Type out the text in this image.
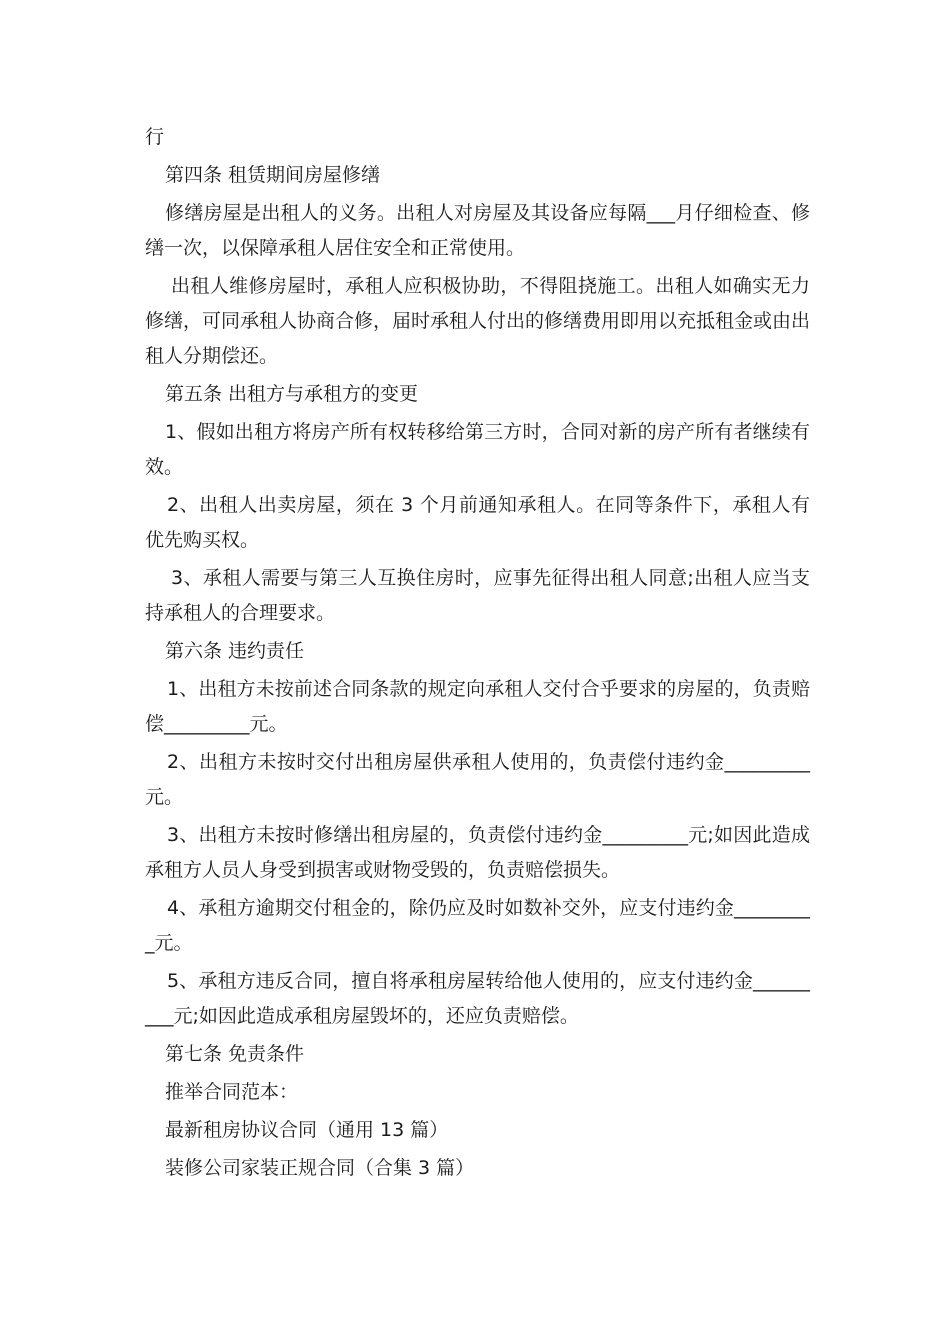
行

第四条 租赁期间房屋修缮

修缮房屋是出租人的义务。出租人对房屋及其设备应每隔___月仔细检查、修缮一次，以保障承租人居住安全和正常使用。

出租人维修房屋时，承租人应积极协助，不得阻挠施工。出租人如确实无力修缮，可同承租人协商合修，届时承租人付出的修缮费用即用以充抵租金或由出租人分期偿还。

第五条 出租方与承租方的变更

1、假如出租方将房产所有权转移给第三方时，合同对新的房产所有者继续有效。

2、出租人出卖房屋，须在 3 个月前通知承租人。在同等条件下，承租人有优先购买权。

3、承租人需要与第三人互换住房时，应事先征得出租人同意;出租人应当支持承租人的合理要求。

第六条 违约责任

1、出租方未按前述合同条款的规定向承租人交付合乎要求的房屋的，负责赔偿_________元。

2、出租方未按时交付出租房屋供承租人使用的，负责偿付违约金_________元。

3、出租方未按时修缮出租房屋的，负责偿付违约金_________元;如因此造成承租方人员人身受到损害或财物受毁的，负责赔偿损失。

4、承租方逾期交付租金的，除仍应及时如数补交外，应支付违约金_________元。

5、承租方违反合同，擅自将承租房屋转给他人使用的，应支付违约金_________元;如因此造成承租房屋毁坏的，还应负责赔偿。

第七条 免责条件

推举合同范本：

最新租房协议合同（通用 13 篇）

装修公司家装正规合同（合集 3 篇）
